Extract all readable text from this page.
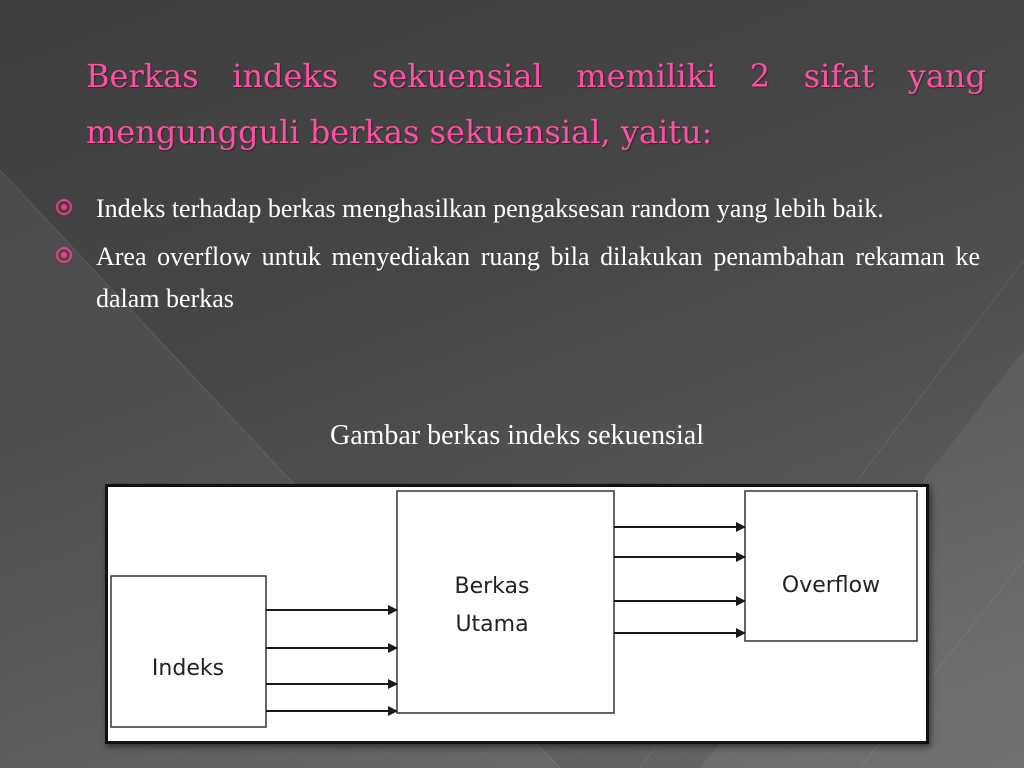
Berkas indeks sekuensial memiliki 2 sifat yang mengungguli berkas sekuensial, yaitu:
Indeks terhadap berkas menghasilkan pengaksesan random yang lebih baik.
Area overflow untuk menyediakan ruang bila dilakukan penambahan rekaman ke dalam berkas
Gambar berkas indeks sekuensial
Indeks
Berkas
Utama
Overflow
